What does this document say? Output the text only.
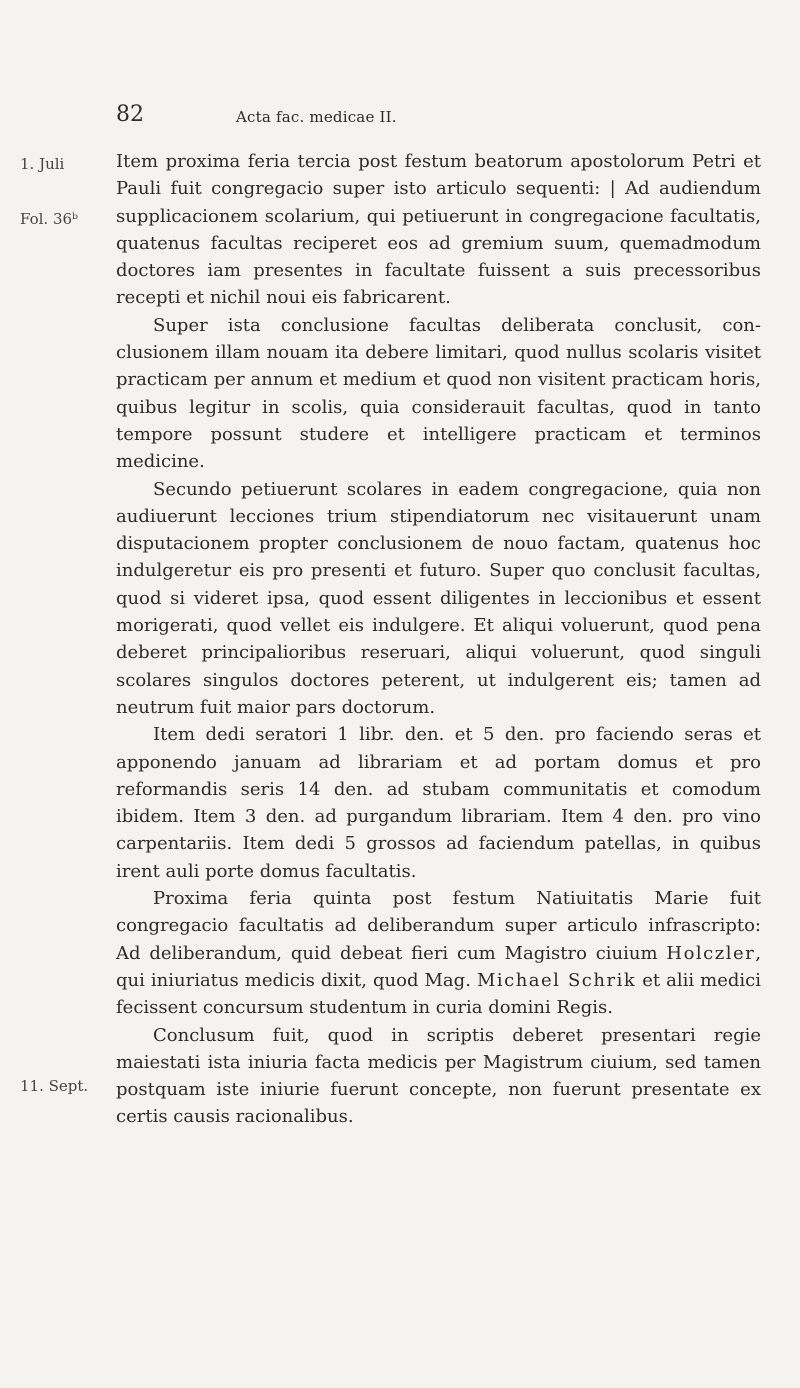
82	Acta fac. medicae II.
1. Juli
Fol. 36ᵇ
11. Sept.

Item proxima feria tercia post festum beatorum apostolorum Petri et Pauli fuit congregacio super isto articulo sequenti: | Ad audiendum supplicacionem scolarium, qui petiuerunt in congregacione facultatis, quatenus facultas reciperet eos ad gremium suum, quemadmodum doctores iam presentes in facultate fuissent a suis precessoribus recepti et nichil noui eis fabricarent.

Super ista conclusione facultas deliberata conclusit, conclusionem illam nouam ita debere limitari, quod nullus scolaris visitet practicam per annum et medium et quod non visitent practicam horis, quibus legitur in scolis, quia considerauit facultas, quod in tanto tempore possunt studere et intelligere practicam et terminos medicine.

Secundo petiuerunt scolares in eadem congregacione, quia non audiuerunt lecciones trium stipendiatorum nec visitauerunt unam disputacionem propter conclusionem de nouo factam, quatenus hoc indulgeretur eis pro presenti et futuro. Super quo conclusit facultas, quod si videret ipsa, quod essent diligentes in leccionibus et essent morigerati, quod vellet eis indulgere. Et aliqui voluerunt, quod pena deberet principalioribus reseruari, aliqui voluerunt, quod singuli scolares singulos doctores peterent, ut indulgerent eis; tamen ad neutrum fuit maior pars doctorum.

Item dedi seratori 1 libr. den. et 5 den. pro faciendo seras et apponendo januam ad librariam et ad portam domus et pro reformandis seris 14 den. ad stubam communitatis et comodum ibidem. Item 3 den. ad purgandum librariam. Item 4 den. pro vino carpentariis. Item dedi 5 grossos ad faciendum patellas, in quibus irent auli porte domus facultatis.

Proxima feria quinta post festum Natiuitatis Marie fuit congregacio facultatis ad deliberandum super articulo infrascripto: Ad deliberandum, quid debeat fieri cum Magistro ciuium Holczler, qui iniuriatus medicis dixit, quod Mag. Michael Schrik et alii medici fecissent concursum studentum in curia domini Regis.

Conclusum fuit, quod in scriptis deberet presentari regie maiestati ista iniuria facta medicis per Magistrum ciuium, sed tamen postquam iste iniurie fuerunt concepte, non fuerunt presentate ex certis causis racionalibus.
